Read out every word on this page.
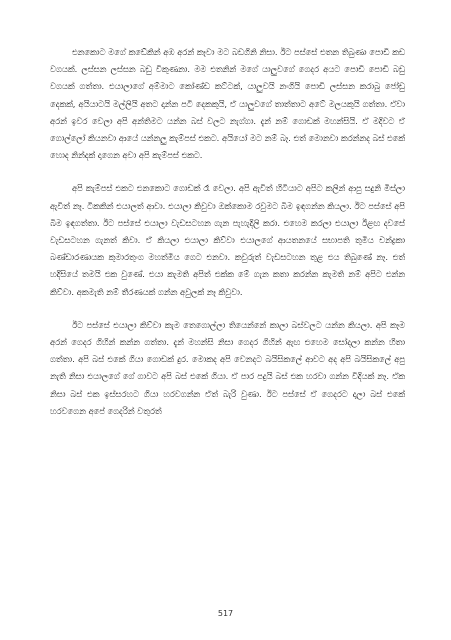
එනකොට මගේ කඩේකින් අඹ අරන් කෑවා මට බඩගිනි නිසා. ඊට පස්සේ එතන තිබුණා පොඩි කඩ වගයක්. ලස්සන ලස්සන බඩු විකුණනා. මම එතනින් මගේ යාලුවගේ ගෙදර අයට පොඩි පොඩි බඩු වගයක් ගත්තා. එයාලාගේ අම්මාට කෝණ්ඩ කට්ටක්, යාලුවයි නංගියි පොඩි ලස්සන කරාබු ජෝඩු දෙකක්, අයියාටයි මල්ලියි අතට දාන්න පටි දෙකකුයි, ඒ යාලුවගේ තාත්තාට අටේ මලයකුයි ගත්තා. ඒවා අරන් ඉවර වෙලා අපි අන්තිමට යන්න බස් වලට නැග්ගා. දැන් නම් ගොඩක් මහන්සියි. ඒ මදිවට ඒ ගොල්ලෝ කියනවා ආයේ යන්නලු කැම්පස් එකට. අයියෝ මට නම් බෑ. එත් මොනවා කරන්නද බස් එකේ හොද නින්දක් දාගෙන අවා අපි කැම්පස් එකට.

අපි කැම්පස් එකට එනකොට ගොඩක් රෑ වෙලා. අපි ඇවිත් හිටියාට අපිට කලින් ආපු සදුනි මිස්ලා ඇවිත් නෑ. ටිකකින් එයාලත් ආවා. එයාලා කිවුවා ඔක්කොම රවුමට බිම ඉඳගන්න කියලා. ඊට පස්සේ අපි බිම ඉඳගත්තා. ඊට පස්සේ එයාලා වැඩසටහන ගැන පැහැදිලි කරා. එහෙම කරලා එයාලා ඊළඟ දවසේ වැඩසටහන ගැනත් කිවා. ඒ කියලා එයාලා කිව්වා එයාලගේ ආයතනයේ සභාපති තුමිය චන්ද්‍රකා බණ්ඩාරණායක කුමාරතුංග මහත්මිය ගෙට එනවා. කවුරුත් වැඩසටහන තුළ එය තිබුණේ නෑ. එත් හදිසියේ තමයි එක වුණේ. එයා කැමති අපිත් එක්ක මේ ගැන කතා කරන්න කැමති නම් අපිට එන්න කිව්වා. අකමැති නම් තීරණයක් ගන්න අවුලක් නෑ කිවුවා.

ඊට පස්සේ එයාලා කිව්වා කැම තෙගොල්ලා තියෙන්නේ කාලා බස්වලට යන්න කියලා. අපි කෑම අරන් ගෙදර ගිහින් කන්න ගත්තා. දැන් මහන්සි නිසා ගෙදර ගිහින් ඇඟ එහෙම සෝදලා කන්න හිතා ගත්තා. අපි බස් එකේ ගියා ගොඩක් දුර. මොකද අපි වෙනදට බයිසිකලේ ආවට අද අපි බයිසිකලේ අපු නැති නිසා එයාලගේ ගේ ගාවට අපි බස් එකේ ගියා. ඒ පාර පදුයි බස් එක හරවා ගන්න විදියක් නෑ. ඒක නිසා බස් එක ඉස්සරහට ගියා හරවගන්න ඒත් බැරි වුණා. ඊට පස්සේ ඒ ගෙදරට දාලා බස් එකේ හරවගෙන අපේ ගෙදරින් වතුරත්

517
